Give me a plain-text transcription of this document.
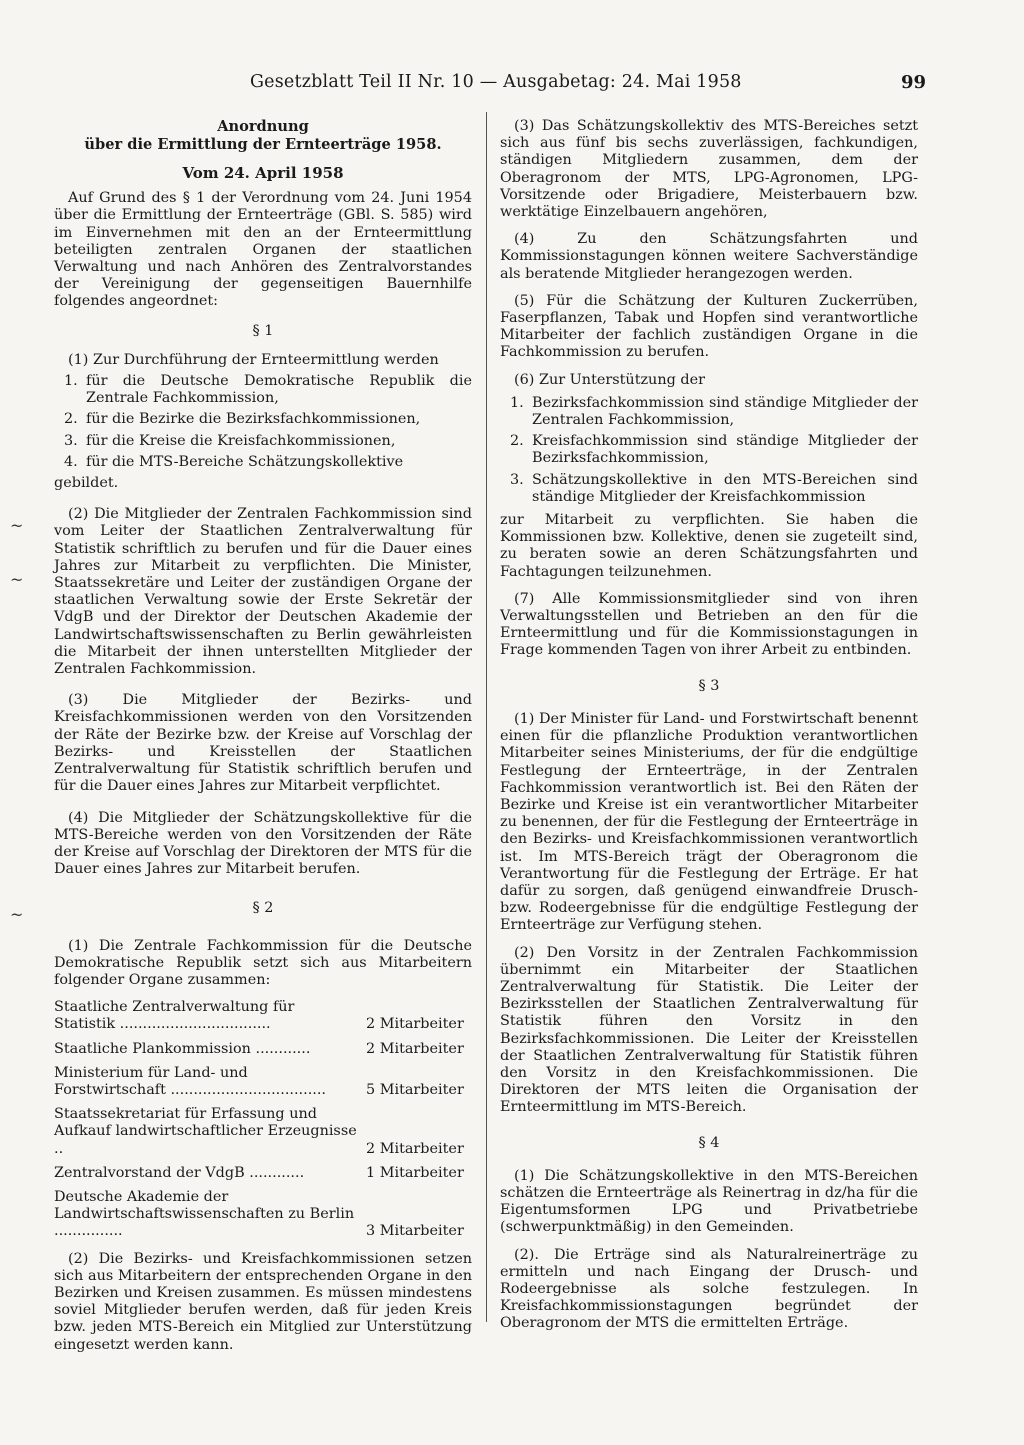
Gesetzblatt Teil II Nr. 10 — Ausgabetag: 24. Mai 1958	99
~
~
~
Anordnung
über die Ermittlung der Ernteerträge 1958.
Vom 24. April 1958

Auf Grund des § 1 der Verordnung vom 24. Juni 1954 über die Ermittlung der Ernteerträge (GBl. S. 585) wird im Einvernehmen mit den an der Ernteermittlung beteiligten zentralen Organen der staatlichen Verwaltung und nach Anhören des Zentralvorstandes der Vereinigung der gegenseitigen Bauernhilfe folgendes angeordnet:

§ 1

(1) Zur Durchführung der Ernteermittlung werden

1. für die Deutsche Demokratische Republik die Zentrale Fachkommission,
2. für die Bezirke die Bezirksfachkommissionen,
3. für die Kreise die Kreisfachkommissionen,
4. für die MTS-Bereiche Schätzungskollektive

gebildet.

(2) Die Mitglieder der Zentralen Fachkommission sind vom Leiter der Staatlichen Zentralverwaltung für Statistik schriftlich zu berufen und für die Dauer eines Jahres zur Mitarbeit zu verpflichten. Die Minister, Staatssekretäre und Leiter der zuständigen Organe der staatlichen Verwaltung sowie der Erste Sekretär der VdgB und der Direktor der Deutschen Akademie der Landwirtschaftswissenschaften zu Berlin gewährleisten die Mitarbeit der ihnen unterstellten Mitglieder der Zentralen Fachkommission.

(3) Die Mitglieder der Bezirks- und Kreisfachkommissionen werden von den Vorsitzenden der Räte der Bezirke bzw. der Kreise auf Vorschlag der Bezirks- und Kreisstellen der Staatlichen Zentralverwaltung für Statistik schriftlich berufen und für die Dauer eines Jahres zur Mitarbeit verpflichtet.

(4) Die Mitglieder der Schätzungskollektive für die MTS-Bereiche werden von den Vorsitzenden der Räte der Kreise auf Vorschlag der Direktoren der MTS für die Dauer eines Jahres zur Mitarbeit berufen.

§ 2

(1) Die Zentrale Fachkommission für die Deutsche Demokratische Republik setzt sich aus Mitarbeitern folgender Organe zusammen:

Staatliche Zentralverwaltung für Statistik .................................	2 Mitarbeiter
Staatliche Plankommission ............	2 Mitarbeiter
Ministerium für Land- und Forstwirtschaft ..................................	5 Mitarbeiter
Staatssekretariat für Erfassung und Aufkauf landwirtschaftlicher Erzeugnisse ..	2 Mitarbeiter
Zentralvorstand der VdgB ............	1 Mitarbeiter
Deutsche Akademie der Landwirtschaftswissenschaften zu Berlin ...............	3 Mitarbeiter

(2) Die Bezirks- und Kreisfachkommissionen setzen sich aus Mitarbeitern der entsprechenden Organe in den Bezirken und Kreisen zusammen. Es müssen mindestens soviel Mitglieder berufen werden, daß für jeden Kreis bzw. jeden MTS-Bereich ein Mitglied zur Unterstützung eingesetzt werden kann.

(3) Das Schätzungskollektiv des MTS-Bereiches setzt sich aus fünf bis sechs zuverlässigen, fachkundigen, ständigen Mitgliedern zusammen, dem der Oberagronom der MTS, LPG-Agronomen, LPG-Vorsitzende oder Brigadiere, Meisterbauern bzw. werktätige Einzelbauern angehören,

(4) Zu den Schätzungsfahrten und Kommissionstagungen können weitere Sachverständige als beratende Mitglieder herangezogen werden.

(5) Für die Schätzung der Kulturen Zuckerrüben, Faserpflanzen, Tabak und Hopfen sind verantwortliche Mitarbeiter der fachlich zuständigen Organe in die Fachkommission zu berufen.

(6) Zur Unterstützung der

1. Bezirksfachkommission sind ständige Mitglieder der Zentralen Fachkommission,
2. Kreisfachkommission sind ständige Mitglieder der Bezirksfachkommission,
3. Schätzungskollektive in den MTS-Bereichen sind ständige Mitglieder der Kreisfachkommission

zur Mitarbeit zu verpflichten. Sie haben die Kommissionen bzw. Kollektive, denen sie zugeteilt sind, zu beraten sowie an deren Schätzungsfahrten und Fachtagungen teilzunehmen.

(7) Alle Kommissionsmitglieder sind von ihren Verwaltungsstellen und Betrieben an den für die Ernteermittlung und für die Kommissionstagungen in Frage kommenden Tagen von ihrer Arbeit zu entbinden.

§ 3

(1) Der Minister für Land- und Forstwirtschaft benennt einen für die pflanzliche Produktion verantwortlichen Mitarbeiter seines Ministeriums, der für die endgültige Festlegung der Ernteerträge, in der Zentralen Fachkommission verantwortlich ist. Bei den Räten der Bezirke und Kreise ist ein verantwortlicher Mitarbeiter zu benennen, der für die Festlegung der Ernteerträge in den Bezirks- und Kreisfachkommissionen verantwortlich ist. Im MTS-Bereich trägt der Oberagronom die Verantwortung für die Festlegung der Erträge. Er hat dafür zu sorgen, daß genügend einwandfreie Drusch- bzw. Rodeergebnisse für die endgültige Festlegung der Ernteerträge zur Verfügung stehen.

(2) Den Vorsitz in der Zentralen Fachkommission übernimmt ein Mitarbeiter der Staatlichen Zentralverwaltung für Statistik. Die Leiter der Bezirksstellen der Staatlichen Zentralverwaltung für Statistik führen den Vorsitz in den Bezirksfachkommissionen. Die Leiter der Kreisstellen der Staatlichen Zentralverwaltung für Statistik führen den Vorsitz in den Kreisfachkommissionen. Die Direktoren der MTS leiten die Organisation der Ernteermittlung im MTS-Bereich.

§ 4

(1) Die Schätzungskollektive in den MTS-Bereichen schätzen die Ernteerträge als Reinertrag in dz/ha für die Eigentumsformen LPG und Privatbetriebe (schwerpunktmäßig) in den Gemeinden.

(2). Die Erträge sind als Naturalreinerträge zu ermitteln und nach Eingang der Drusch- und Rodeergebnisse als solche festzulegen. In Kreisfachkommissionstagungen begründet der Oberagronom der MTS die ermittelten Erträge.
